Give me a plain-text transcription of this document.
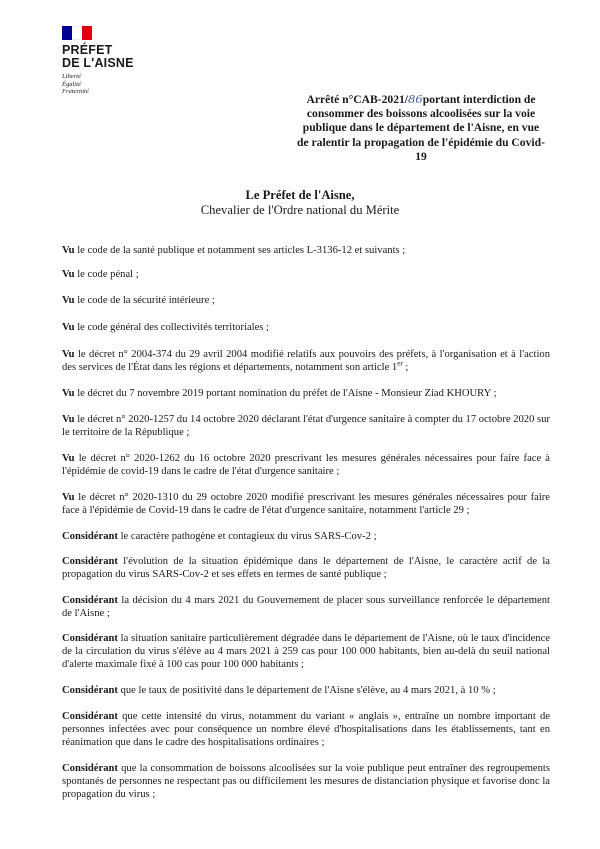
PRÉFET
DE L'AISNE
Liberté
Égalité
Fraternité
Arrêté n°CAB-2021/86portant interdiction de consommer des boissons alcoolisées sur la voie publique dans le département de l'Aisne, en vue de ralentir la propagation de l'épidémie du Covid-19
Le Préfet de l'Aisne,
Chevalier de l'Ordre national du Mérite
Vu le code de la santé publique et notamment ses articles L-3136-12 et suivants ;
Vu le code pénal ;
Vu le code de la sécurité intérieure ;
Vu le code général des collectivités territoriales ;
Vu le décret n° 2004-374 du 29 avril 2004 modifié relatifs aux pouvoirs des préfets, à l'organisation et à l'action des services de l'État dans les régions et départements, notamment son article 1er ;
Vu le décret du 7 novembre 2019 portant nomination du préfet de l'Aisne - Monsieur Ziad KHOURY ;
Vu le décret n° 2020-1257 du 14 octobre 2020 déclarant l'état d'urgence sanitaire à compter du 17 octobre 2020 sur le territoire de la République ;
Vu le décret n° 2020-1262 du 16 octobre 2020 prescrivant les mesures générales nécessaires pour faire face à l'épidémie de covid-19 dans le cadre de l'état d'urgence sanitaire ;
Vu le décret n° 2020-1310 du 29 octobre 2020 modifié prescrivant les mesures générales nécessaires pour faire face à l'épidémie de Covid-19 dans le cadre de l'état d'urgence sanitaire, notamment l'article 29 ;
Considérant le caractère pathogène et contagieux du virus SARS-Cov-2 ;
Considérant l'évolution de la situation épidémique dans le département de l'Aisne, le caractère actif de la propagation du virus SARS-Cov-2 et ses effets en termes de santé publique ;
Considérant la décision du 4 mars 2021 du Gouvernement de placer sous surveillance renforcée le département de l'Aisne ;
Considérant la situation sanitaire particulièrement dégradée dans le département de l'Aisne, où le taux d'incidence de la circulation du virus s'élève au 4 mars 2021 à 259 cas pour 100 000 habitants, bien au-delà du seuil national d'alerte maximale fixé à 100 cas pour 100 000 habitants ;
Considérant que le taux de positivité dans le département de l'Aisne s'élève, au 4 mars 2021, à 10 % ;
Considérant que cette intensité du virus, notamment du variant « anglais », entraîne un nombre important de personnes infectées avec pour conséquence un nombre élevé d'hospitalisations dans les établissements, tant en réanimation que dans le cadre des hospitalisations ordinaires ;
Considérant que la consommation de boissons alcoolisées sur la voie publique peut entraîner des regroupements spontanés de personnes ne respectant pas ou difficilement les mesures de distanciation physique et favorise donc la propagation du virus ;
